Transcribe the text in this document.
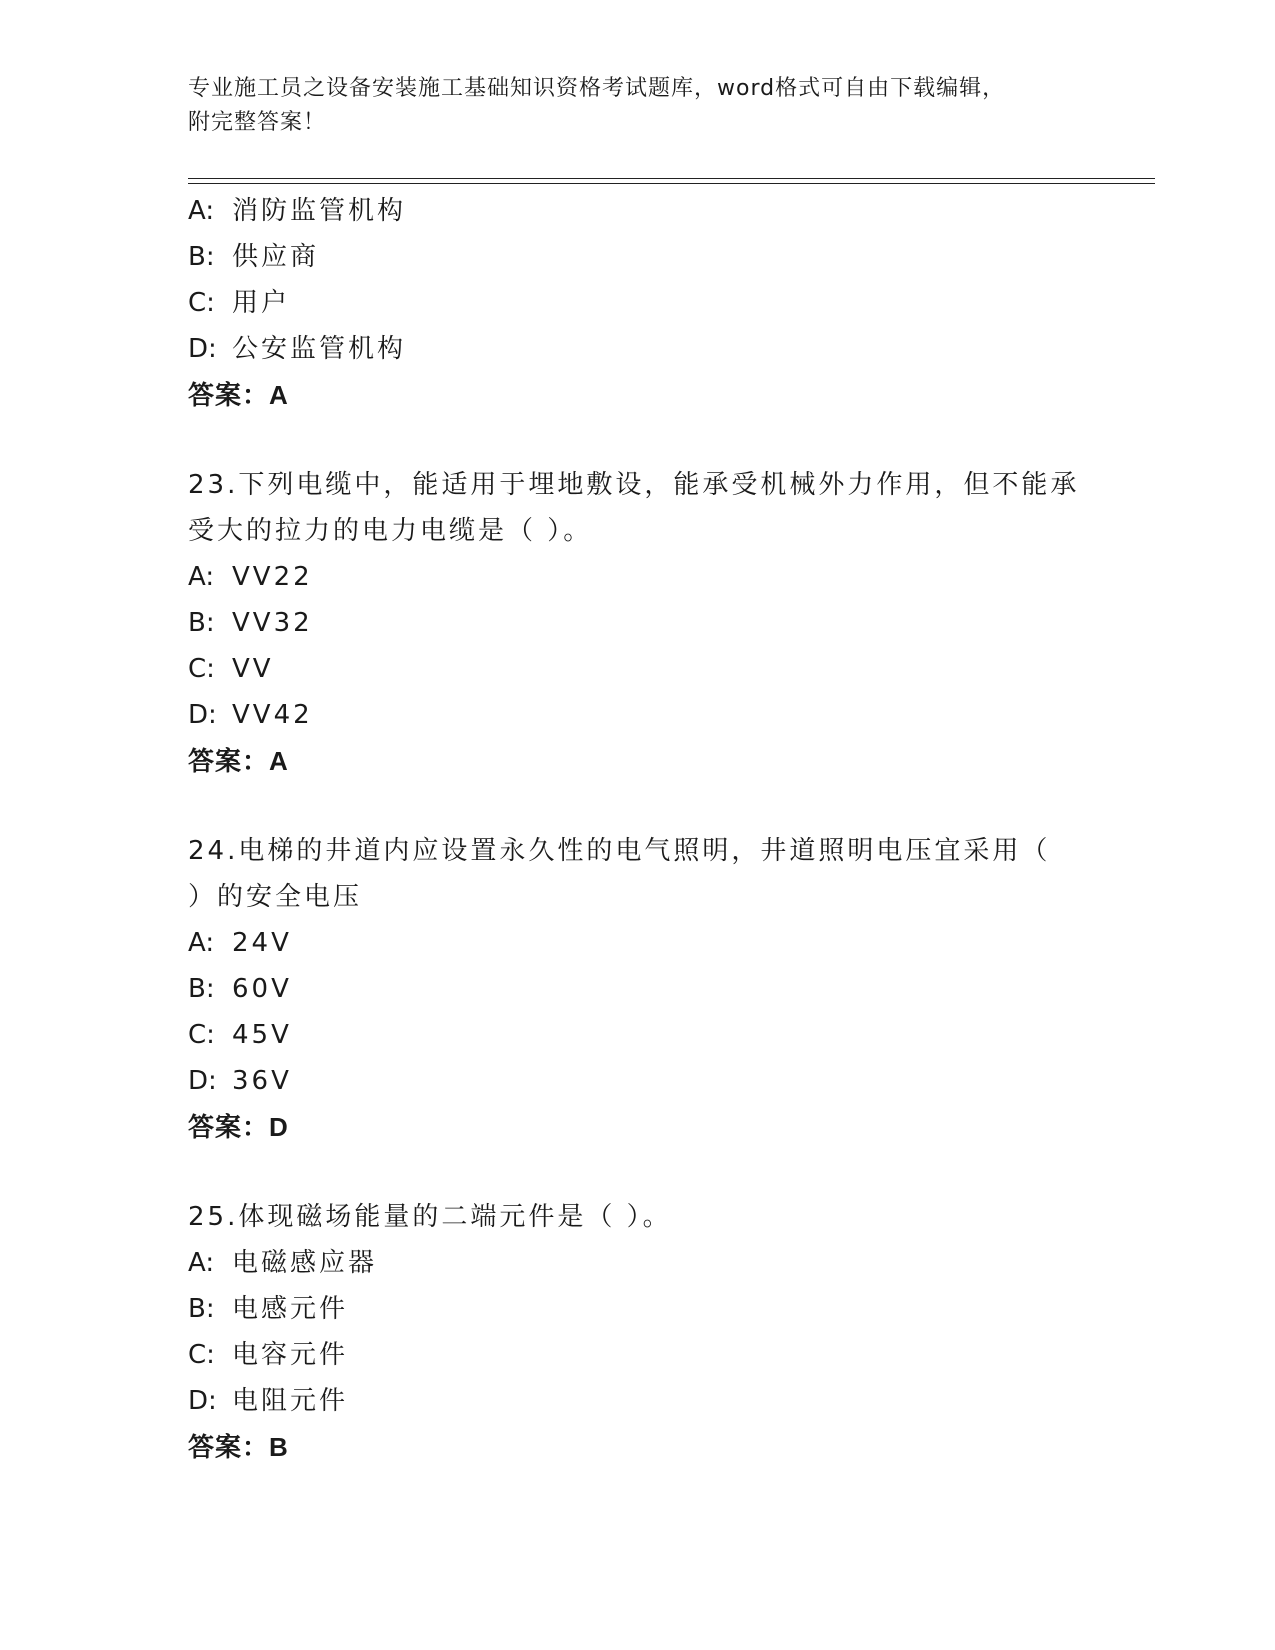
专业施工员之设备安装施工基础知识资格考试题库，word格式可自由下载编辑，
附完整答案！
A: 消防监管机构
B: 供应商
C: 用户
D: 公安监管机构
答案：A
23.下列电缆中，能适用于埋地敷设，能承受机械外力作用，但不能承
受大的拉力的电力电缆是（ ）。
A: VV22
B: VV32
C: VV
D: VV42
答案：A
24.电梯的井道内应设置永久性的电气照明，井道照明电压宜采用（
）的安全电压
A: 24V
B: 60V
C: 45V
D: 36V
答案：D
25.体现磁场能量的二端元件是（ ）。
A: 电磁感应器
B: 电感元件
C: 电容元件
D: 电阻元件
答案：B
